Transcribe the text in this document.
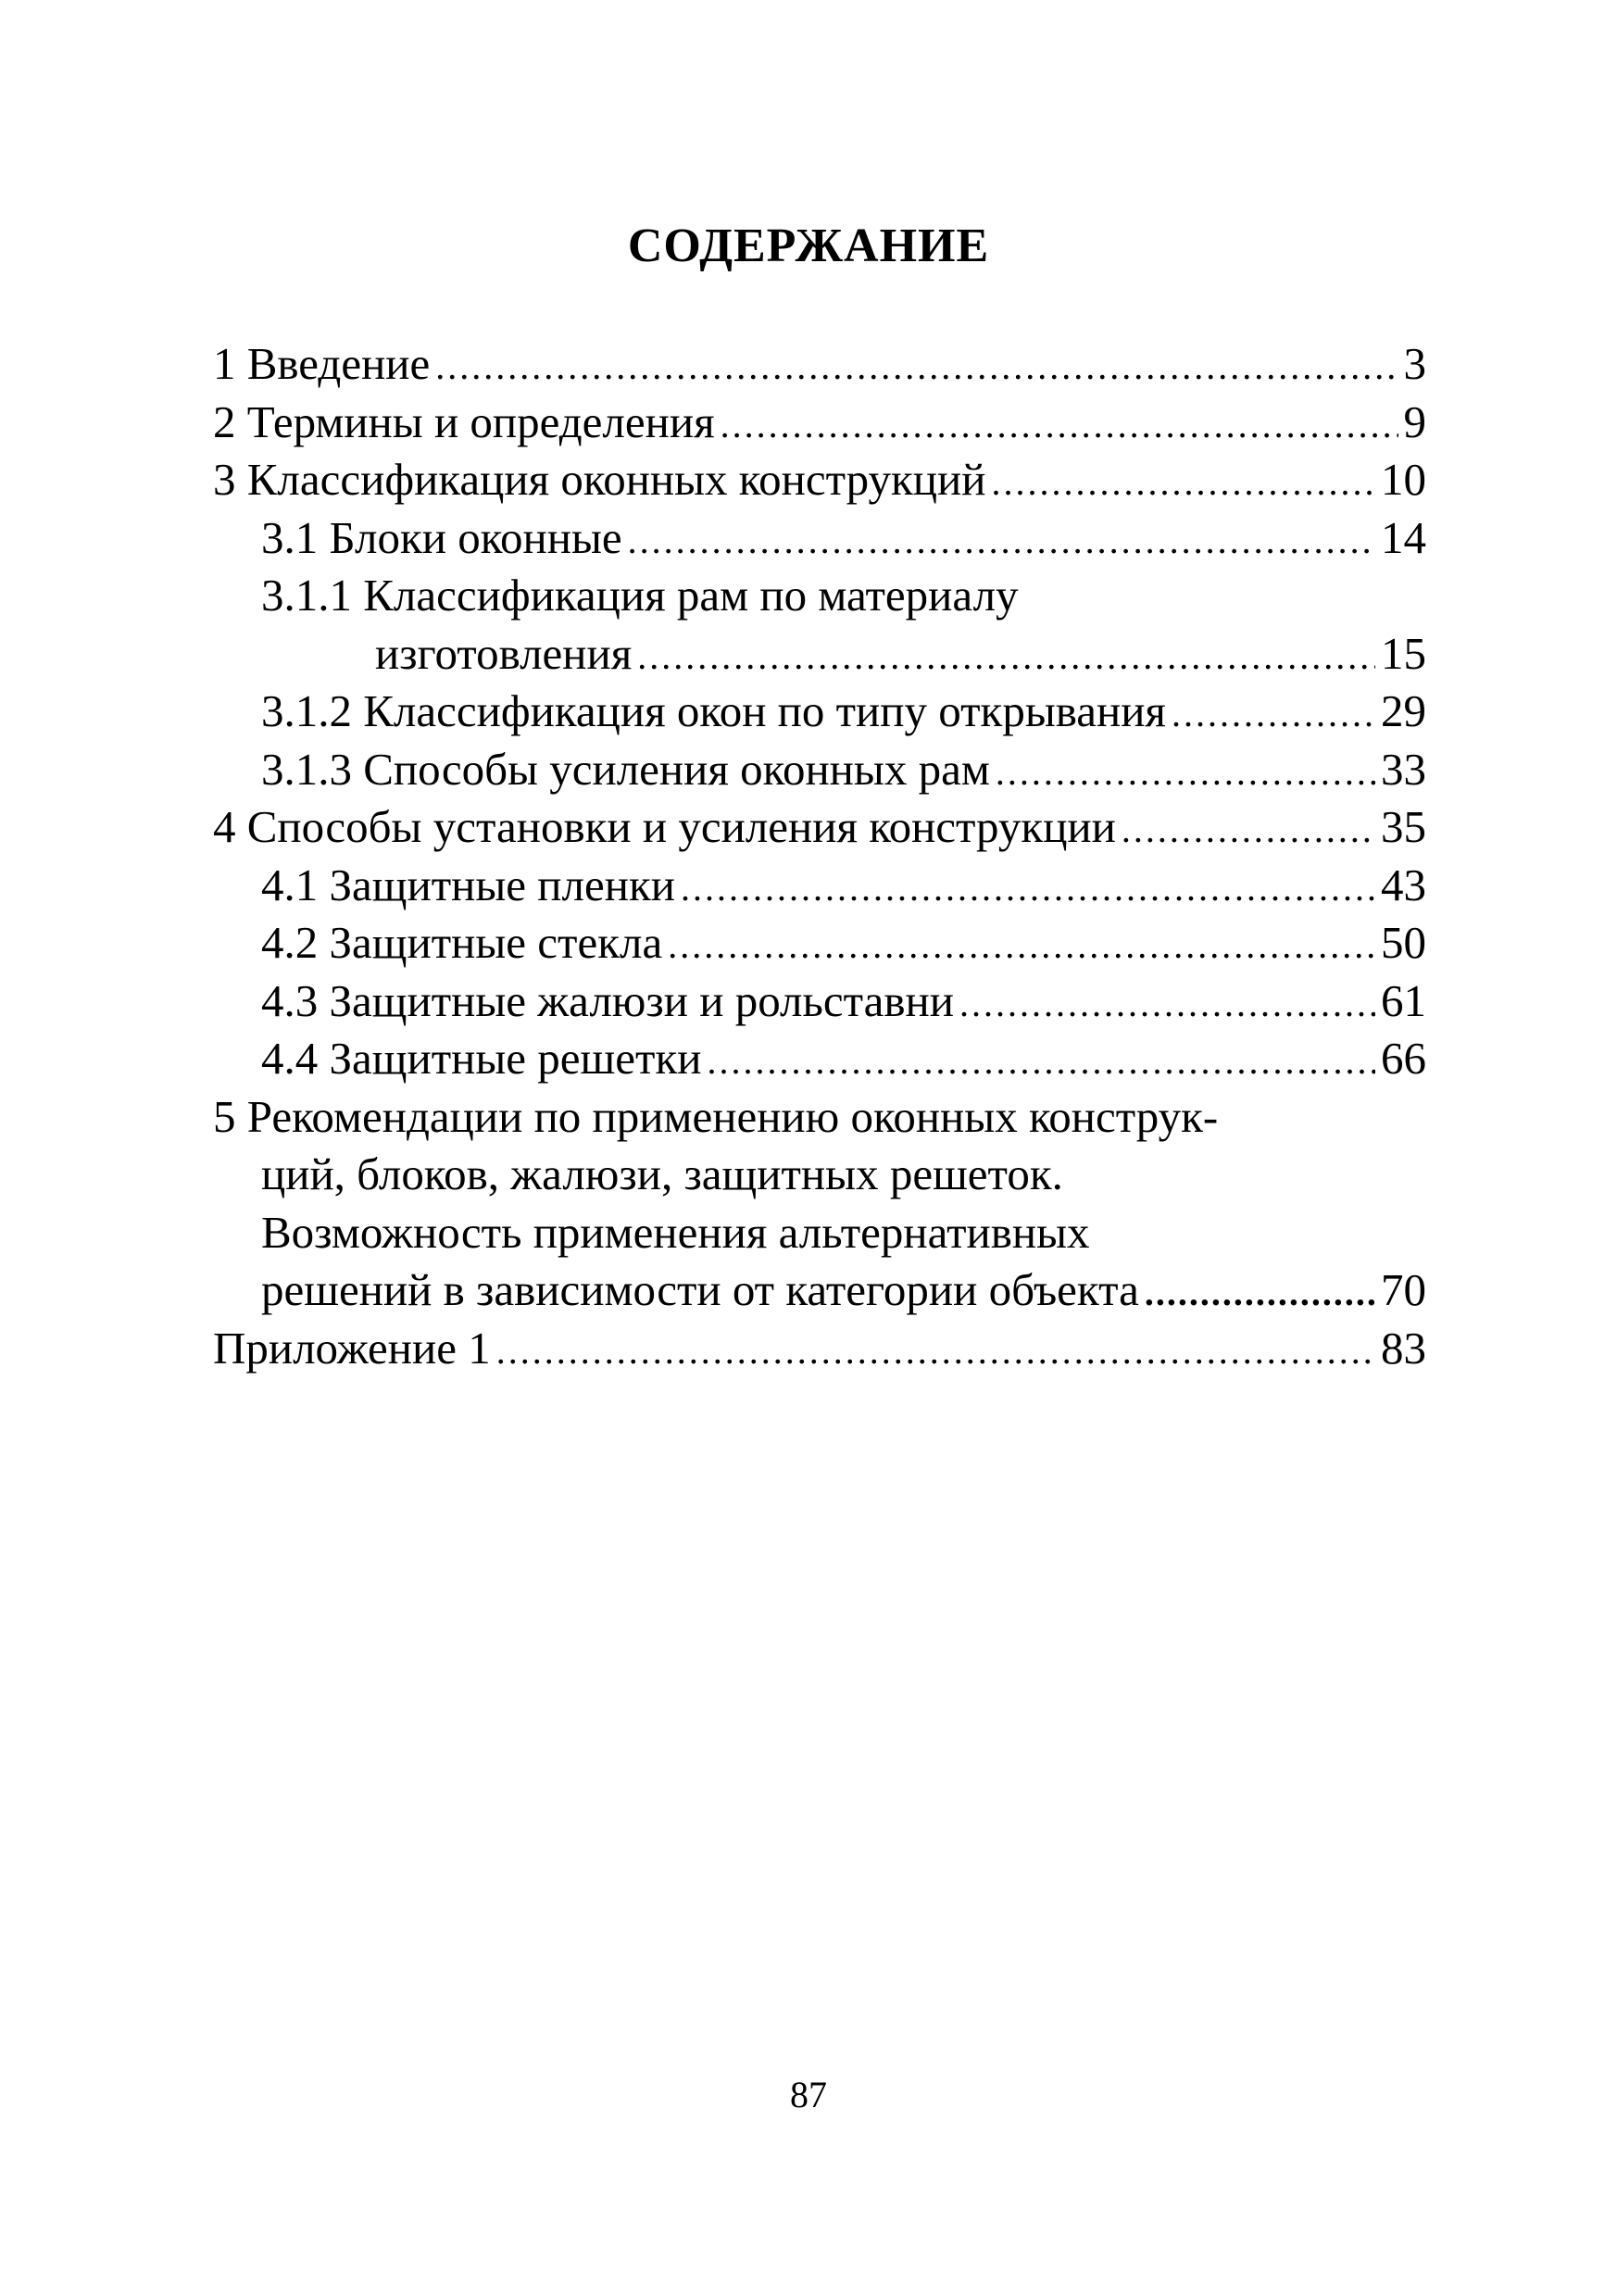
СОДЕРЖАНИЕ
1 Введение .....	3
2 Термины и определения .....	9
3 Классификация оконных конструкций .....	10
3.1 Блоки оконные .....	14
3.1.1 Классификация рам по материалу
изготовления .....	15
3.1.2 Классификация окон по типу открывания .....	29
3.1.3 Способы усиления оконных рам .....	33
4 Способы установки и усиления конструкции .....	35
4.1 Защитные пленки .....	43
4.2 Защитные стекла .....	50
4.3 Защитные жалюзи и рольставни .....	61
4.4 Защитные решетки .....	66
5 Рекомендации по применению оконных конструк-
ций, блоков, жалюзи, защитных решеток.
Возможность применения альтернативных
решений в зависимости от категории объекта .....	70
Приложение 1 .....	83
87
